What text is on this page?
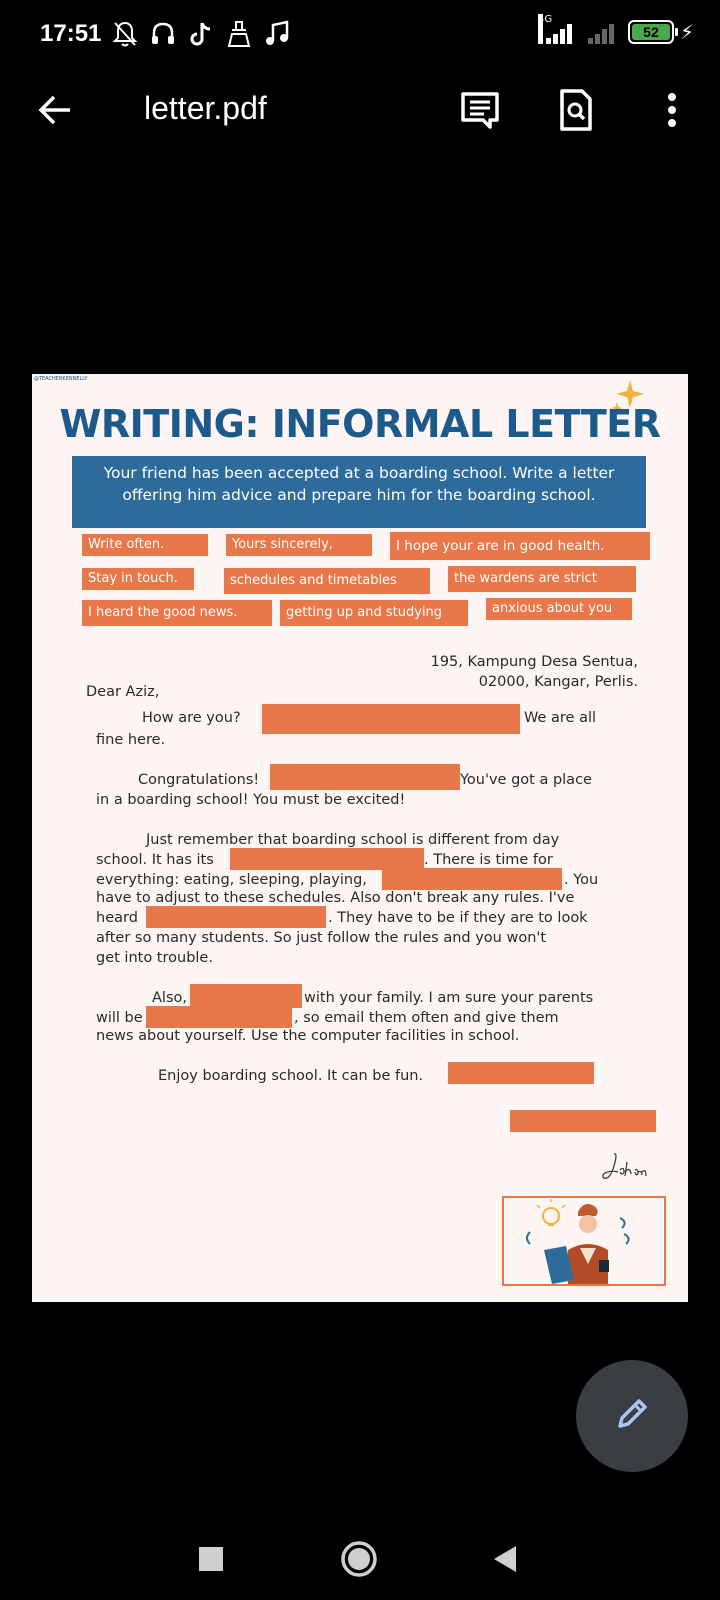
17:51
4G
52	⚡
letter.pdf
@TEACHERKENNELLY
WRITING: INFORMAL LETTER
Your friend has been accepted at a boarding school. Write a letter offering him advice and prepare him for the boarding school.
Write often.	Yours sincerely,	I hope your are in good health.
Stay in touch.	schedules and timetables	the wardens are strict
I heard the good news.	getting up and studying	anxious about you
195, Kampung Desa Sentua,
02000, Kangar, Perlis.
Dear Aziz,
How are you?	We are all
fine here.
Congratulations!	You've got a place
in a boarding school! You must be excited!
Just remember that boarding school is different from day
school. It has its	. There is time for
everything: eating, sleeping, playing,	. You
have to adjust to these schedules. Also don't break any rules. I've
heard	. They have to be if they are to look
after so many students. So just follow the rules and you won't
get into trouble.
Also,	with your family. I am sure your parents
will be	, so email them often and give them
news about yourself. Use the computer facilities in school.
Enjoy boarding school. It can be fun.
